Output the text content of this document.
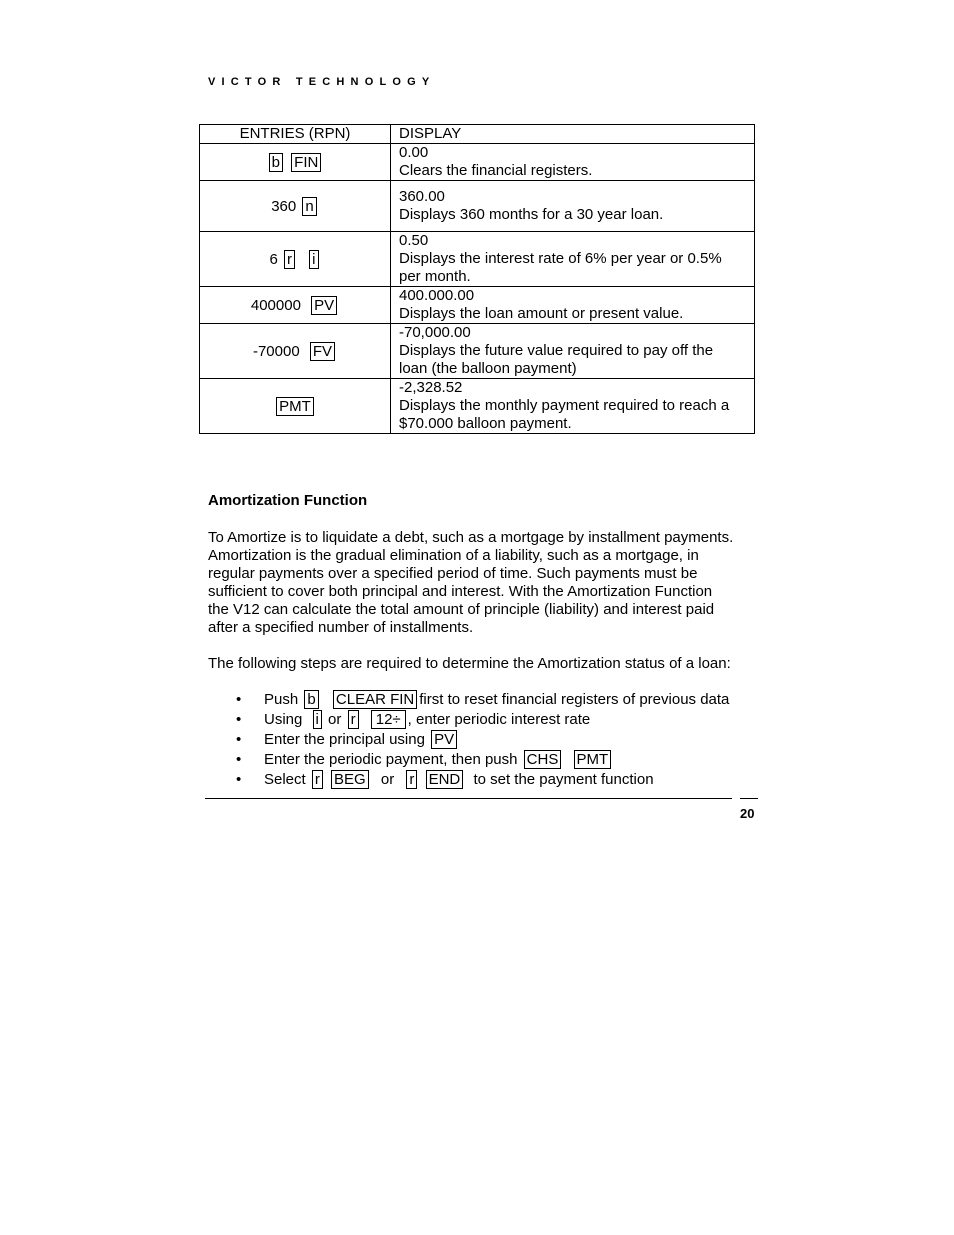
VICTOR TECHNOLOGY
ENTRIES (RPN)	DISPLAY
b FIN	0.00
Clears the financial registers.

360 n	360.00
Displays 360 months for a 30 year loan.

6 r i	0.50
Displays the interest rate of 6% per year or 0.5%
per month.

400000 PV	400.000.00
Displays the loan amount or present value.

-70000 FV	-70,000.00
Displays the future value required to pay off the
loan (the balloon payment)

PMT	-2,328.52
Displays the monthly payment required to reach a
$70.000 balloon payment.
Amortization Function
To Amortize is to liquidate a debt, such as a mortgage by installment payments.
Amortization is the gradual elimination of a liability, such as a mortgage, in
regular payments over a specified period of time. Such payments must be
sufficient to cover both principal and interest. With the Amortization Function
the V12 can calculate the total amount of principle (liability) and interest paid
after a specified number of installments.
The following steps are required to determine the Amortization status of a loan:
• Push b CLEAR FIN first to reset financial registers of previous data
• Using i or r 12÷ , enter periodic interest rate
• Enter the principal using PV
• Enter the periodic payment, then push CHS PMT
• Select r BEG or r END to set the payment function
20
